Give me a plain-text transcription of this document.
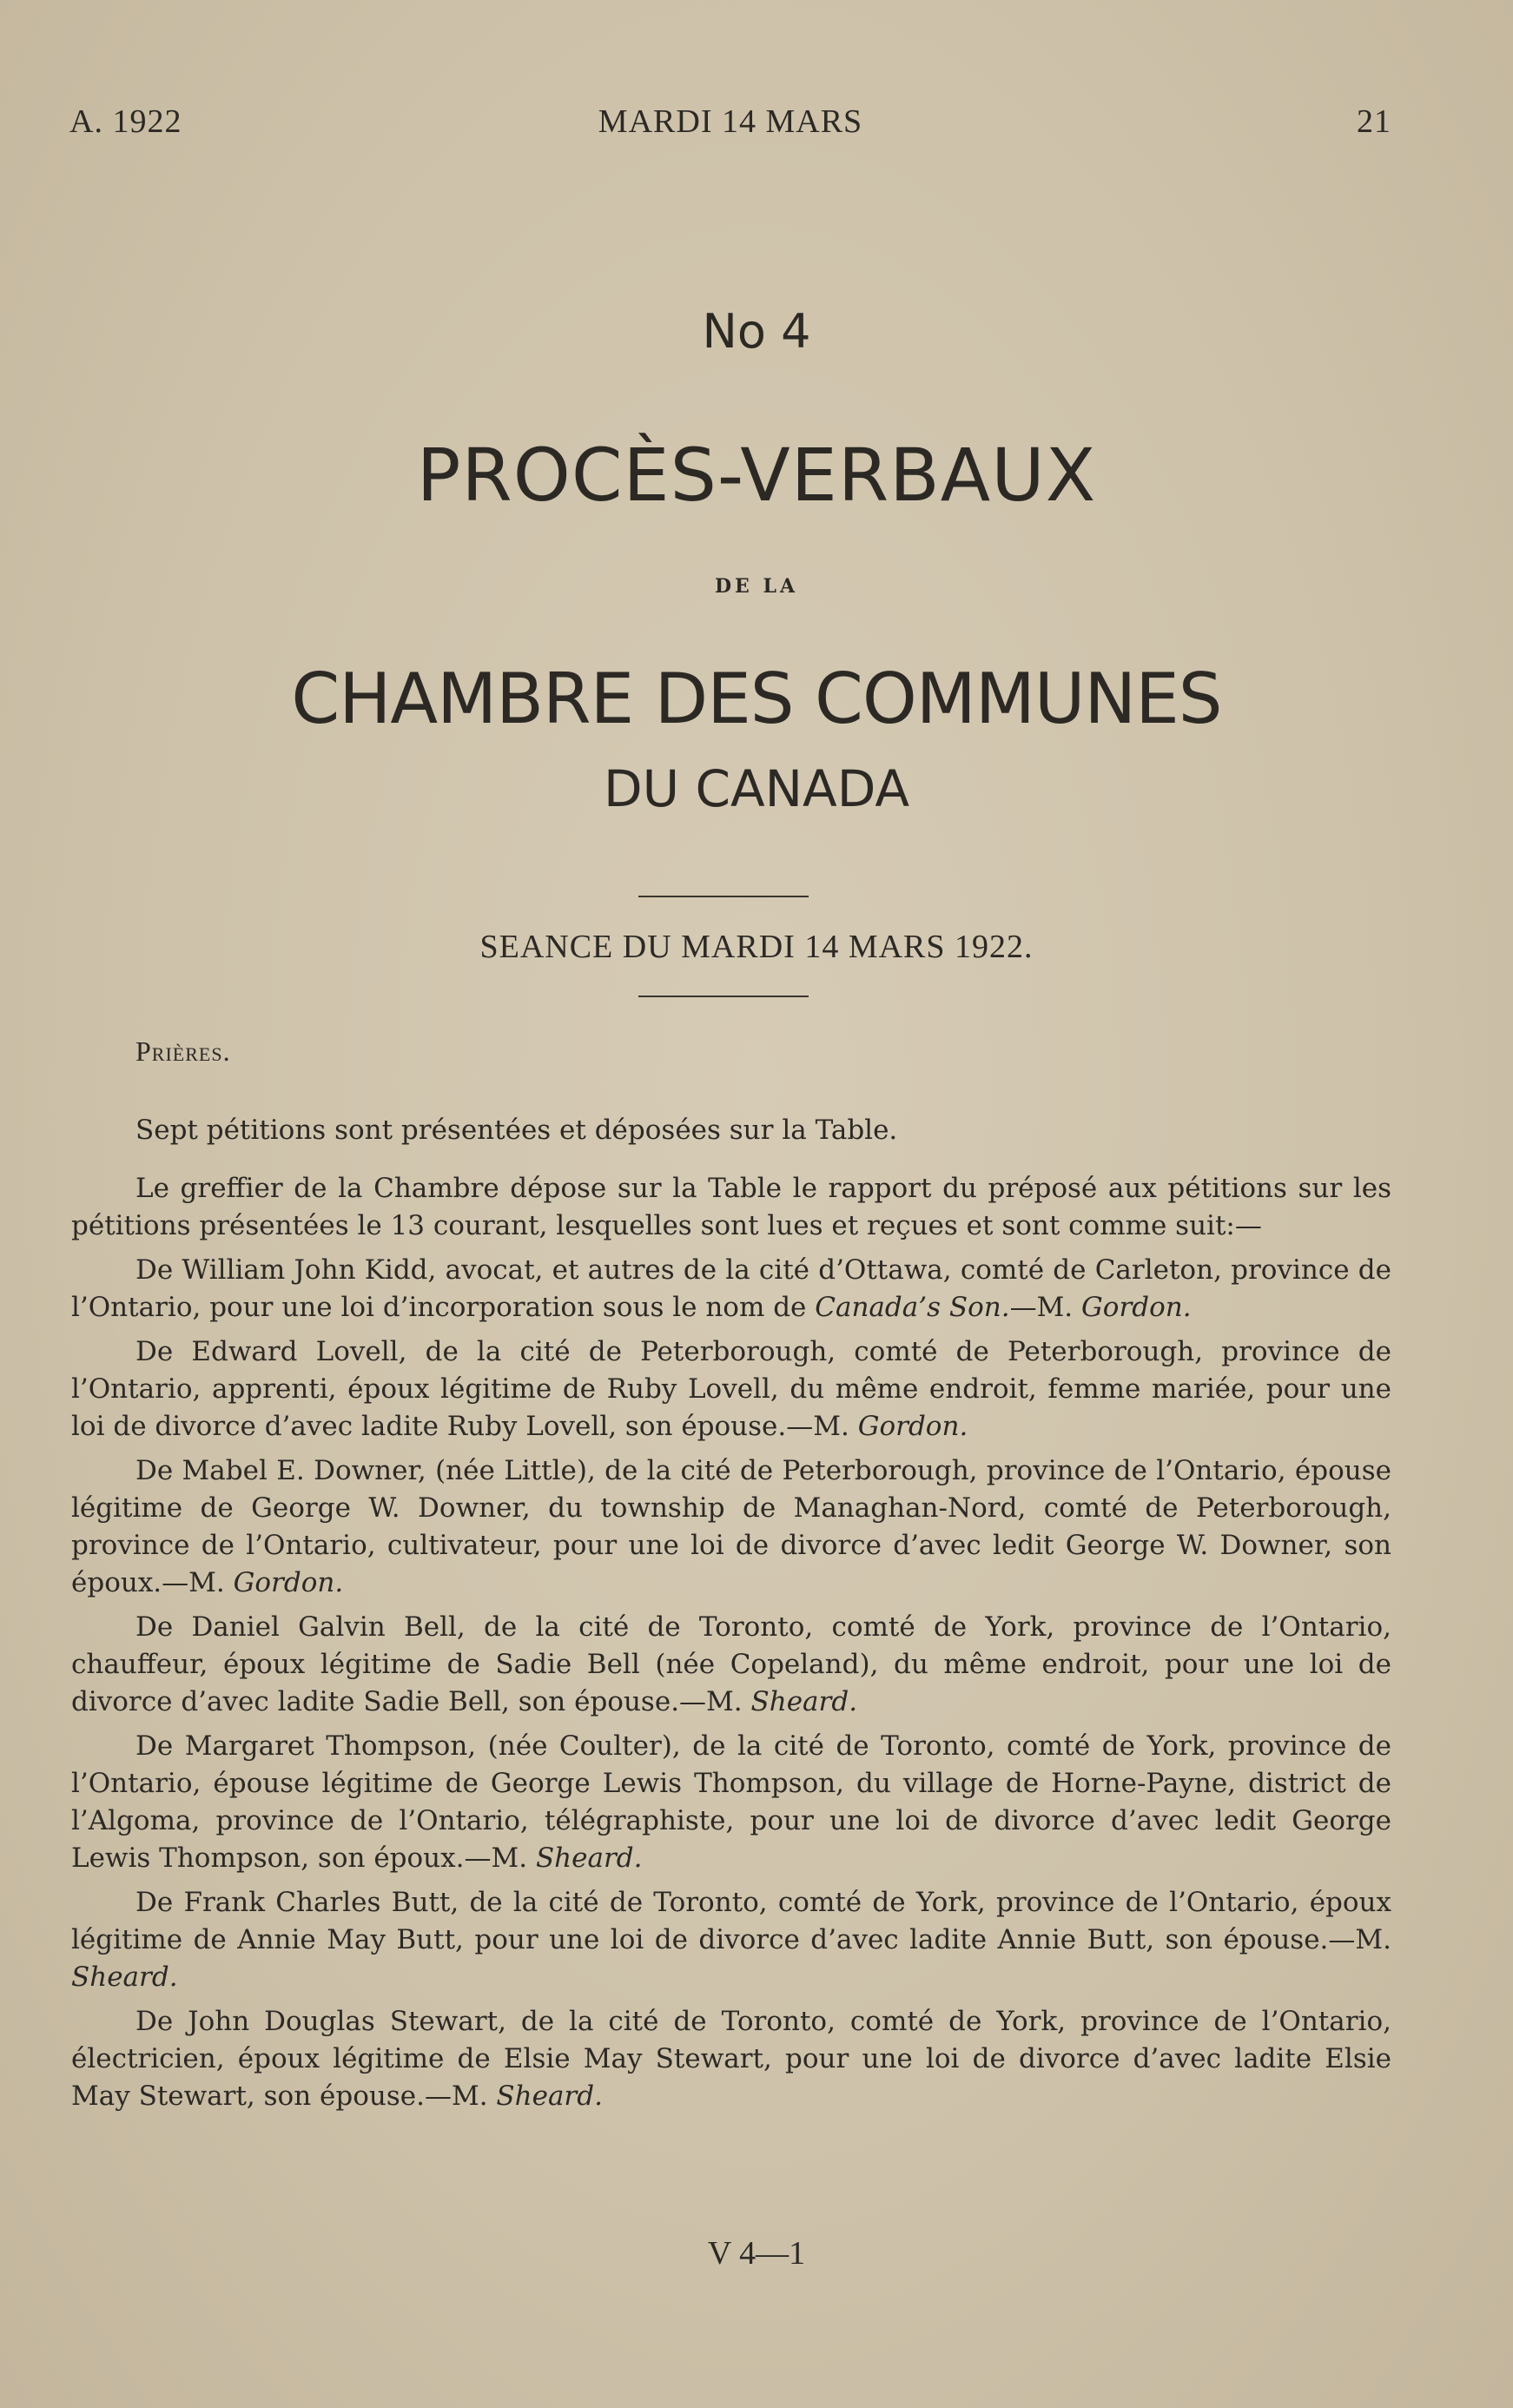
A. 1922	MARDI 14 MARS	21
No 4
PROCÈS-VERBAUX
DE LA
CHAMBRE DES COMMUNES
DU CANADA
SEANCE DU MARDI 14 MARS 1922.
Prières.

Sept pétitions sont présentées et déposées sur la Table.

Le greffier de la Chambre dépose sur la Table le rapport du préposé aux pétitions sur les pétitions présentées le 13 courant, lesquelles sont lues et reçues et sont comme suit:—

De William John Kidd, avocat, et autres de la cité d’Ottawa, comté de Carleton, province de l’Ontario, pour une loi d’incorporation sous le nom de Canada’s Son.—M. Gordon.

De Edward Lovell, de la cité de Peterborough, comté de Peterborough, province de l’Ontario, apprenti, époux légitime de Ruby Lovell, du même endroit, femme mariée, pour une loi de divorce d’avec ladite Ruby Lovell, son épouse.—M. Gordon.

De Mabel E. Downer, (née Little), de la cité de Peterborough, province de l’Ontario, épouse légitime de George W. Downer, du township de Managhan-Nord, comté de Peterborough, province de l’Ontario, cultivateur, pour une loi de divorce d’avec ledit George W. Downer, son époux.—M. Gordon.

De Daniel Galvin Bell, de la cité de Toronto, comté de York, province de l’Ontario, chauffeur, époux légitime de Sadie Bell (née Copeland), du même endroit, pour une loi de divorce d’avec ladite Sadie Bell, son épouse.—M. Sheard.

De Margaret Thompson, (née Coulter), de la cité de Toronto, comté de York, province de l’Ontario, épouse légitime de George Lewis Thompson, du village de Horne-Payne, district de l’Algoma, province de l’Ontario, télégraphiste, pour une loi de divorce d’avec ledit George Lewis Thompson, son époux.—M. Sheard.

De Frank Charles Butt, de la cité de Toronto, comté de York, province de l’Ontario, époux légitime de Annie May Butt, pour une loi de divorce d’avec ladite Annie Butt, son épouse.—M. Sheard.

De John Douglas Stewart, de la cité de Toronto, comté de York, province de l’Ontario, électricien, époux légitime de Elsie May Stewart, pour une loi de divorce d’avec ladite Elsie May Stewart, son épouse.—M. Sheard.

V 4—1
